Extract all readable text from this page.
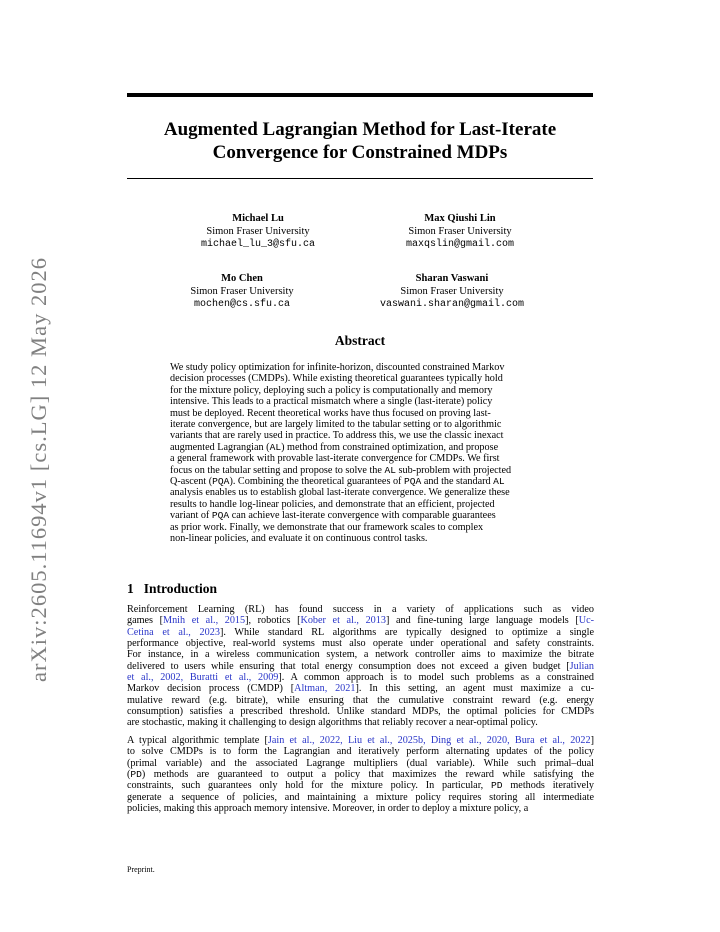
arXiv:2605.11694v1 [cs.LG] 12 May 2026
Augmented Lagrangian Method for Last-Iterate
Convergence for Constrained MDPs
Michael Lu
Simon Fraser University
michael_lu_3@sfu.ca
Max Qiushi Lin
Simon Fraser University
maxqslin@gmail.com
Mo Chen
Simon Fraser University
mochen@cs.sfu.ca
Sharan Vaswani
Simon Fraser University
vaswani.sharan@gmail.com
Abstract
We study policy optimization for infinite-horizon, discounted constrained Markov
decision processes (CMDPs). While existing theoretical guarantees typically hold
for the mixture policy, deploying such a policy is computationally and memory
intensive. This leads to a practical mismatch where a single (last-iterate) policy
must be deployed. Recent theoretical works have thus focused on proving last-
iterate convergence, but are largely limited to the tabular setting or to algorithmic
variants that are rarely used in practice. To address this, we use the classic inexact
augmented Lagrangian (AL) method from constrained optimization, and propose
a general framework with provable last-iterate convergence for CMDPs. We first
focus on the tabular setting and propose to solve the AL sub-problem with projected
Q-ascent (PQA). Combining the theoretical guarantees of PQA and the standard AL
analysis enables us to establish global last-iterate convergence. We generalize these
results to handle log-linear policies, and demonstrate that an efficient, projected
variant of PQA can achieve last-iterate convergence with comparable guarantees
as prior work. Finally, we demonstrate that our framework scales to complex
non-linear policies, and evaluate it on continuous control tasks.
1 Introduction
Reinforcement Learning (RL) has found success in a variety of applications such as video
games [Mnih et al., 2015], robotics [Kober et al., 2013] and fine-tuning large language models [Uc-
Cetina et al., 2023]. While standard RL algorithms are typically designed to optimize a single
performance objective, real-world systems must also operate under operational and safety constraints.
For instance, in a wireless communication system, a network controller aims to maximize the bitrate
delivered to users while ensuring that total energy consumption does not exceed a given budget [Julian
et al., 2002, Buratti et al., 2009]. A common approach is to model such problems as a constrained
Markov decision process (CMDP) [Altman, 2021]. In this setting, an agent must maximize a cu-
mulative reward (e.g. bitrate), while ensuring that the cumulative constraint reward (e.g. energy
consumption) satisfies a prescribed threshold. Unlike standard MDPs, the optimal policies for CMDPs
are stochastic, making it challenging to design algorithms that reliably recover a near-optimal policy.
A typical algorithmic template [Jain et al., 2022, Liu et al., 2025b, Ding et al., 2020, Bura et al., 2022]
to solve CMDPs is to form the Lagrangian and iteratively perform alternating updates of the policy
(primal variable) and the associated Lagrange multipliers (dual variable). While such primal–dual
(PD) methods are guaranteed to output a policy that maximizes the reward while satisfying the
constraints, such guarantees only hold for the mixture policy. In particular, PD methods iteratively
generate a sequence of policies, and maintaining a mixture policy requires storing all intermediate
policies, making this approach memory intensive. Moreover, in order to deploy a mixture policy, a
Preprint.
